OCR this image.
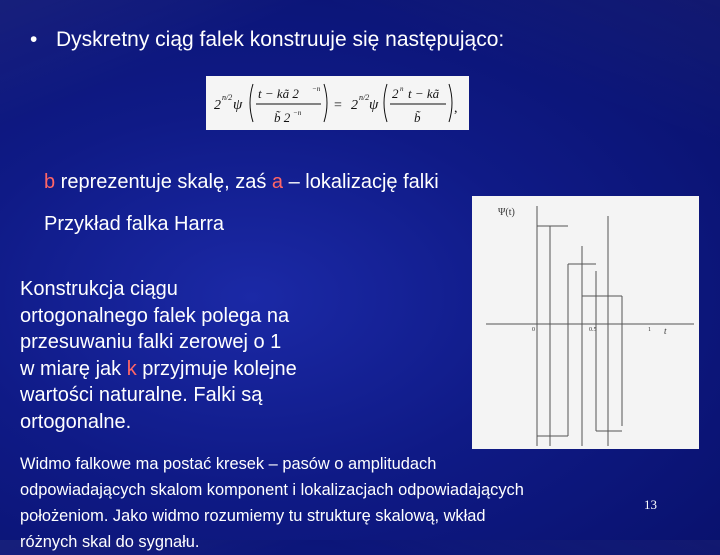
• Dyskretny ciąg falek konstruuje się następująco:
2
n/2 ψ
t − kã 2 −n
b̃ 2 −n = 2
n/2 ψ
2 n t − kã
b̃
,
b reprezentuje skalę, zaś a – lokalizację falki
Przykład falka Harra
Konstrukcja ciągu
ortogonalnego falek polega na
przesuwaniu falki zerowej o 1
w miarę jak k przyjmuje kolejne
wartości naturalne. Falki są
ortogonalne.
Ψ(t)
t
0	0.5	1
Widmo falkowe ma postać kresek – pasów o amplitudach
odpowiadających skalom komponent i lokalizacjach odpowiadających
położeniom. Jako widmo rozumiemy tu strukturę skalową, wkład
różnych skal do sygnału.
13
